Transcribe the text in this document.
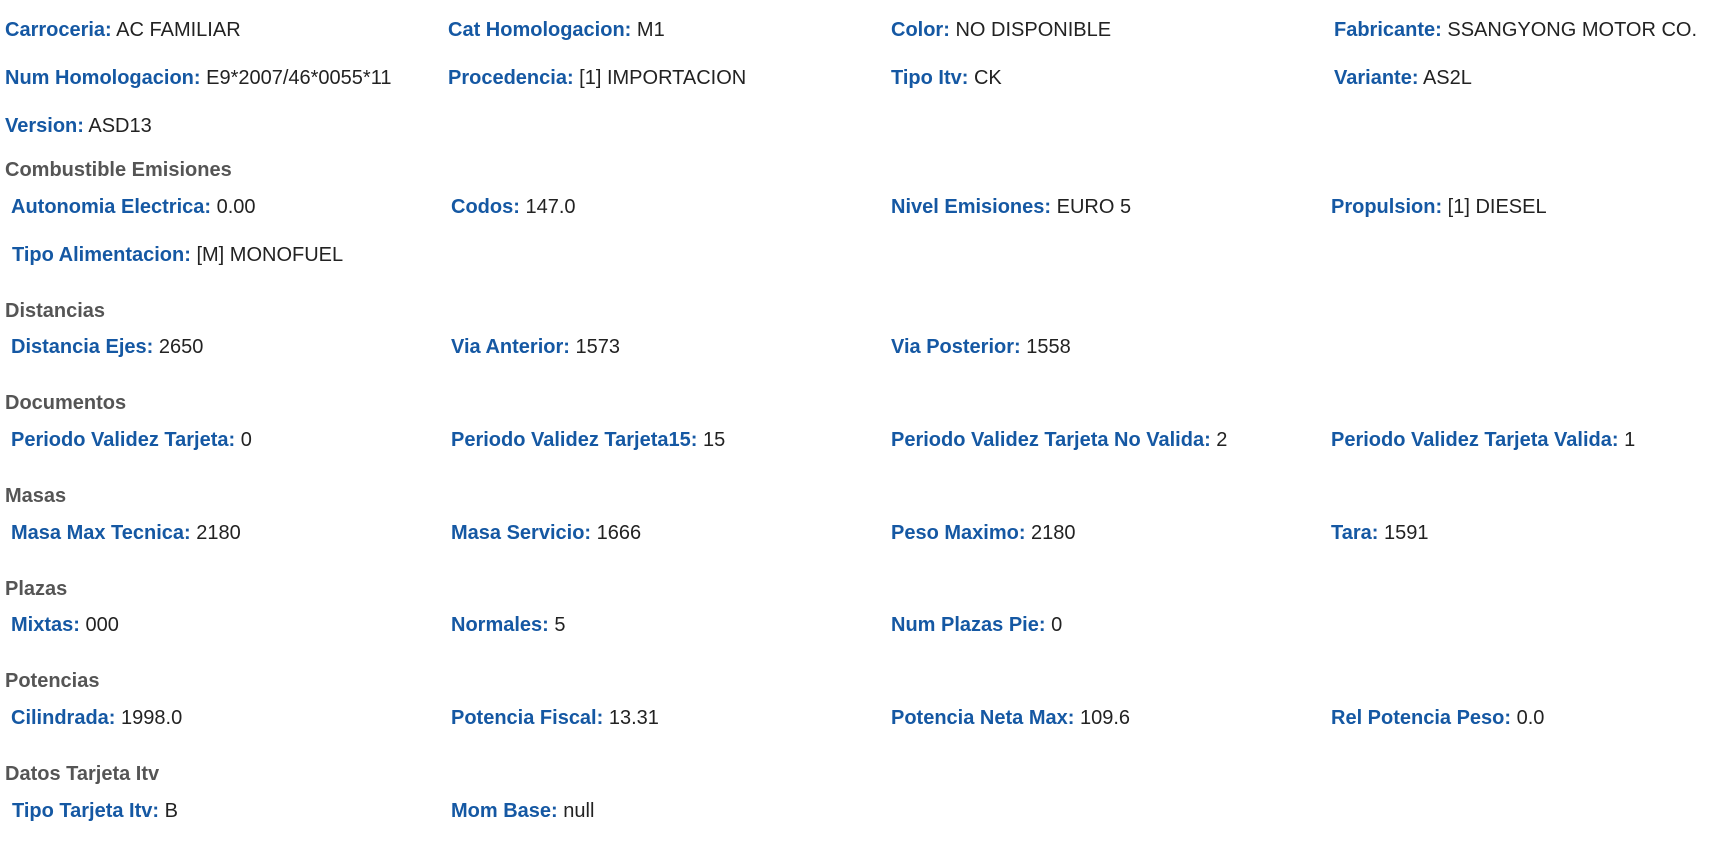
Carroceria: AC FAMILIAR	Cat Homologacion: M1	Color: NO DISPONIBLE	Fabricante: SSANGYONG MOTOR CO.
Num Homologacion: E9*2007/46*0055*11	Procedencia: [1] IMPORTACION	Tipo Itv: CK	Variante: AS2L
Version: ASD13
Combustible Emisiones
Autonomia Electrica: 0.00	Codos: 147.0	Nivel Emisiones: EURO 5	Propulsion: [1] DIESEL
Tipo Alimentacion: [M] MONOFUEL
Distancias
Distancia Ejes: 2650	Via Anterior: 1573	Via Posterior: 1558
Documentos
Periodo Validez Tarjeta: 0	Periodo Validez Tarjeta15: 15	Periodo Validez Tarjeta No Valida: 2	Periodo Validez Tarjeta Valida: 1
Masas
Masa Max Tecnica: 2180	Masa Servicio: 1666	Peso Maximo: 2180	Tara: 1591
Plazas
Mixtas: 000	Normales: 5	Num Plazas Pie: 0
Potencias
Cilindrada: 1998.0	Potencia Fiscal: 13.31	Potencia Neta Max: 109.6	Rel Potencia Peso: 0.0
Datos Tarjeta Itv
Tipo Tarjeta Itv: B	Mom Base: null
